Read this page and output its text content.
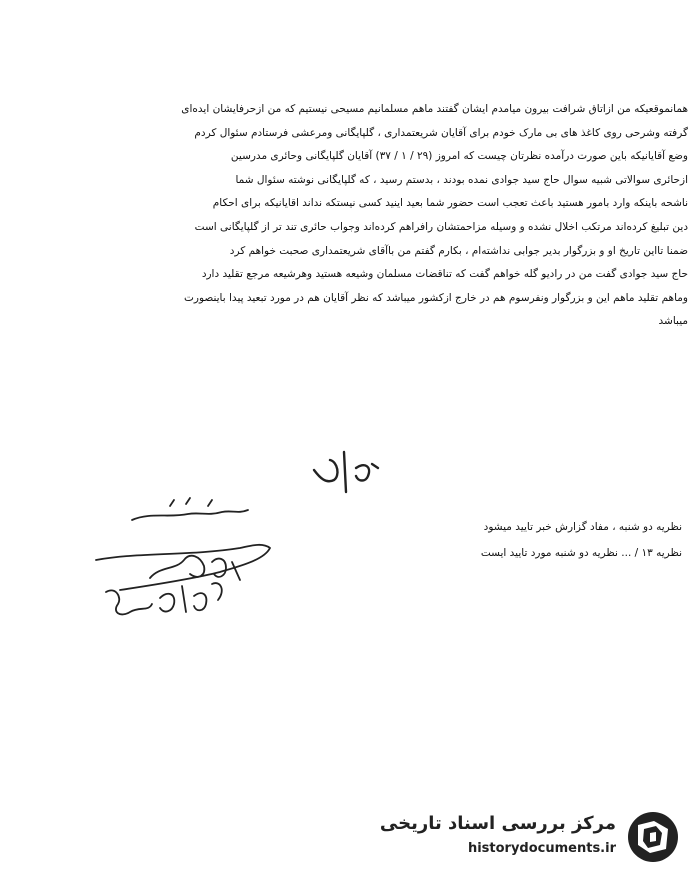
همانموقعیکه من ازاتاق شرافت بیرون میامدم ایشان گفتند ماهم مسلمانیم مسیحی نیستیم که من ازحرفایشان ایده‌ای
گرفته وشرحی روی کاغذ های بی مارک خودم برای آقایان شریعتمداری ، گلپایگانی ومرعشی فرستادم سئوال کردم
وضع آقایانیکه باین صورت درآمده نظرتان چیست که امروز (۲۹ / ۱ / ۳۷) آقایان گلپایگانی وحائری مدرسین
ازحائری سوالاتی شبیه سوال حاج سید جوادی نمده بودند ، بدستم رسید ، که گلپایگانی نوشته سئوال شما
ناشحه باینکه وارد بامور هستید باعث تعجب است حضور شما بعید اینید کسی نیستکه نداند اقایانیکه برای احکام
دین تبلیغ کرده‌اند مرتکب اخلال نشده و وسیله مزاحمتشان رافراهم کرده‌اند وجواب حائری تند تر از گلپایگانی است
ضمنا تااین تاریخ او و بزرگوار بدیر جوابی نداشته‌ام ، بکارم گفتم من باآقای شریعتمداری صحبت خواهم کرد
حاج سید جوادی گفت من در رادیو گله خواهم گفت که تناقضات مسلمان وشیعه هستید وهرشیعه مرجع تقلید دارد
وماهم تقلید ماهم این و بزرگوار ونفرسوم هم در خارج ازکشور میباشد که نظر آقایان هم در مورد تبعید پیدا باینصورت
میباشد
نظریه دو شنبه ، مفاد گزارش خبر تایید میشود
نظریه ۱۳ / ... نظریه دو شنبه مورد تایید ایست
مرکز بررسی اسناد تاریخی
historydocuments.ir
